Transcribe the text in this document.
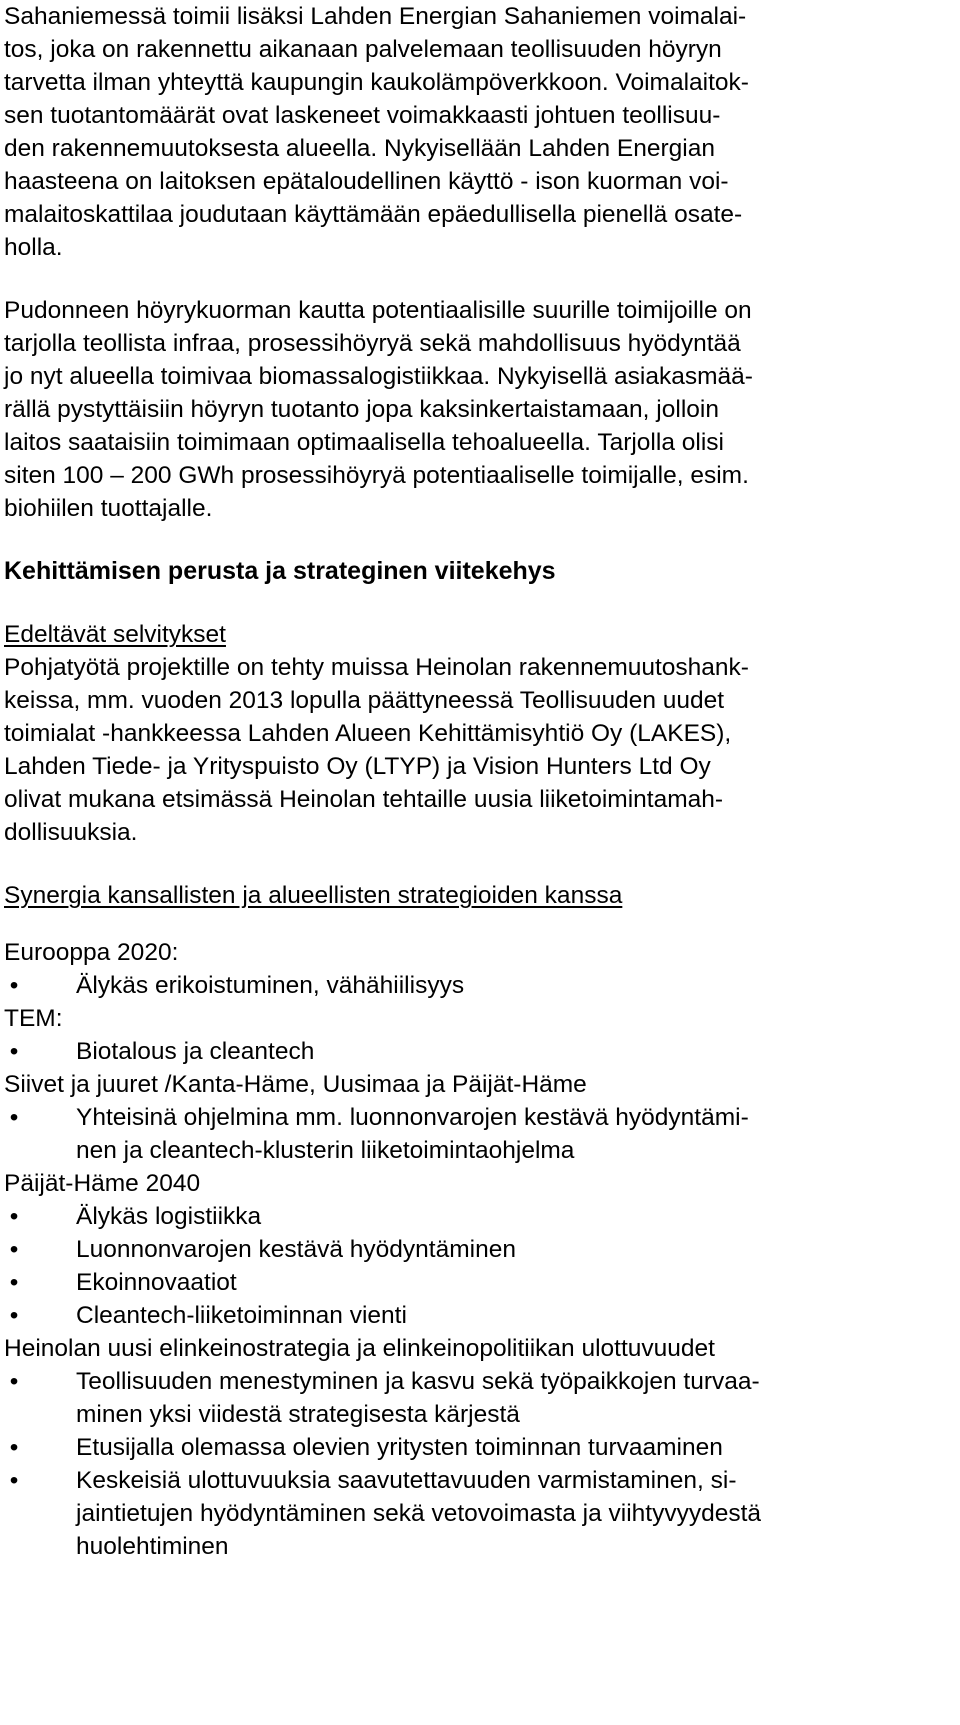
Sahaniemessä toimii lisäksi Lahden Energian Sahaniemen voimalai-
tos, joka on rakennettu aikanaan palvelemaan teollisuuden höyryn
tarvetta ilman yhteyttä kaupungin kaukolämpöverkkoon. Voimalaitok-
sen tuotantomäärät ovat laskeneet voimakkaasti johtuen teollisuu-
den rakennemuutoksesta alueella. Nykyisellään Lahden Energian
haasteena on laitoksen epätaloudellinen käyttö - ison kuorman voi-
malaitoskattilaa joudutaan käyttämään epäedullisella pienellä osate-
holla.
Pudonneen höyrykuorman kautta potentiaalisille suurille toimijoille on
tarjolla teollista infraa, prosessihöyryä sekä mahdollisuus hyödyntää
jo nyt alueella toimivaa biomassalogistiikkaa. Nykyisellä asiakasmää-
rällä pystyttäisiin höyryn tuotanto jopa kaksinkertaistamaan, jolloin
laitos saataisiin toimimaan optimaalisella tehoalueella. Tarjolla olisi
siten 100 – 200 GWh prosessihöyryä potentiaaliselle toimijalle, esim.
biohiilen tuottajalle.
Kehittämisen perusta ja strateginen viitekehys
Edeltävät selvitykset
Pohjatyötä projektille on tehty muissa Heinolan rakennemuutoshank-
keissa, mm. vuoden 2013 lopulla päättyneessä Teollisuuden uudet
toimialat -hankkeessa Lahden Alueen Kehittämisyhtiö Oy (LAKES),
Lahden Tiede- ja Yrityspuisto Oy (LTYP) ja Vision Hunters Ltd Oy
olivat mukana etsimässä Heinolan tehtaille uusia liiketoimintamah-
dollisuuksia.
Synergia kansallisten ja alueellisten strategioiden kanssa
Eurooppa 2020:
• Älykäs erikoistuminen, vähähiilisyys
TEM:
• Biotalous ja cleantech
Siivet ja juuret /Kanta-Häme, Uusimaa ja Päijät-Häme
• Yhteisinä ohjelmina mm. luonnonvarojen kestävä hyödyntämi-
nen ja cleantech-klusterin liiketoimintaohjelma
Päijät-Häme 2040
• Älykäs logistiikka
• Luonnonvarojen kestävä hyödyntäminen
• Ekoinnovaatiot
• Cleantech-liiketoiminnan vienti
Heinolan uusi elinkeinostrategia ja elinkeinopolitiikan ulottuvuudet
• Teollisuuden menestyminen ja kasvu sekä työpaikkojen turvaa-
minen yksi viidestä strategisesta kärjestä
• Etusijalla olemassa olevien yritysten toiminnan turvaaminen
• Keskeisiä ulottuvuuksia saavutettavuuden varmistaminen, si-
jaintietujen hyödyntäminen sekä vetovoimasta ja viihtyvyydestä
huolehtiminen
